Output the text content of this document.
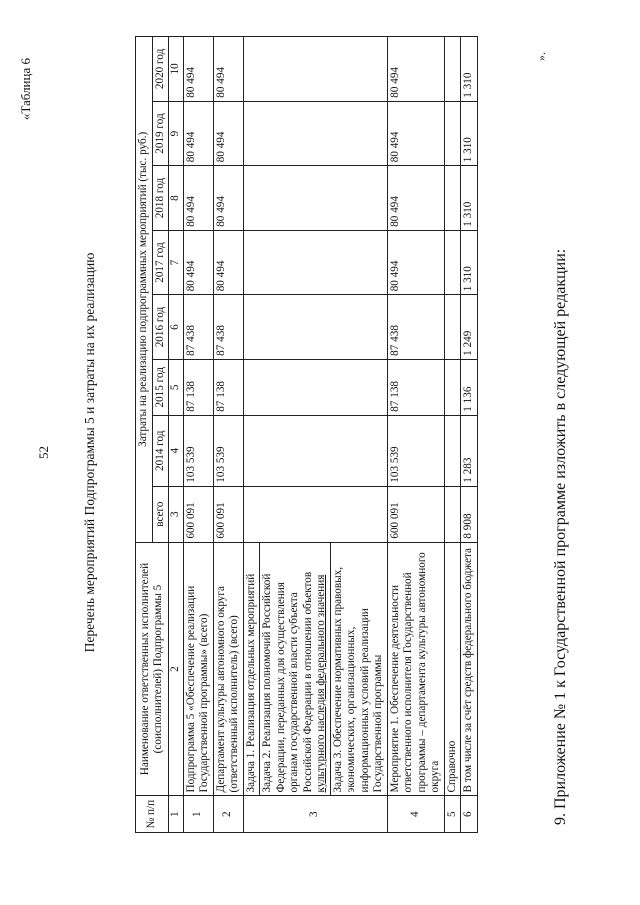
«Таблица 6
52 Перечень мероприятий Подпрограммы 5 и затраты на их реализацию
№ п/п	Наименование ответственных исполнителей (соисполнителей) Подпрограммы 5	Затраты на реализацию подпрограммных мероприятий (тыс. руб.)							
		всего	2014 год	2015 год	2016 год	2017 год	2018 год	2019 год	2020 год
1	2	3	4	5	6	7	8	9	10
1	Подпрограмма 5 «Обеспечение реализации Государственной программы» (всего)	600 091	103 539	87 138	87 438	80 494	80 494	80 494	80 494
2	Департамент культуры автономного округа (ответственный исполнитель) (всего)	600 091	103 539	87 138	87 438	80 494	80 494	80 494	80 494
3	Задача 1. Реализация отдельных мероприятий Задача 2. Реализация полномочий Российской Федерации, переданных для осуществления органам государственной власти субъекта Российской Федерации в отношении объектов культурного наследия федерального значения Задача 3. Обеспечение нормативных правовых, экономических, организационных, информационных условий реализации Государственной программы								

4	Мероприятие 1. Обеспечение деятельности ответственного исполнителя Государственной программы – департамента культуры автономного округа	600 091	103 539	87 138	87 438	80 494	80 494	80 494	80 494
5	Справочно								
6	В том числе за счёт средств федерального бюджета	8 908	1 283	1 136	1 249	1 310	1 310	1 310	1 310
».
9. Приложение № 1 к Государственной программе изложить в следующей редакции:
